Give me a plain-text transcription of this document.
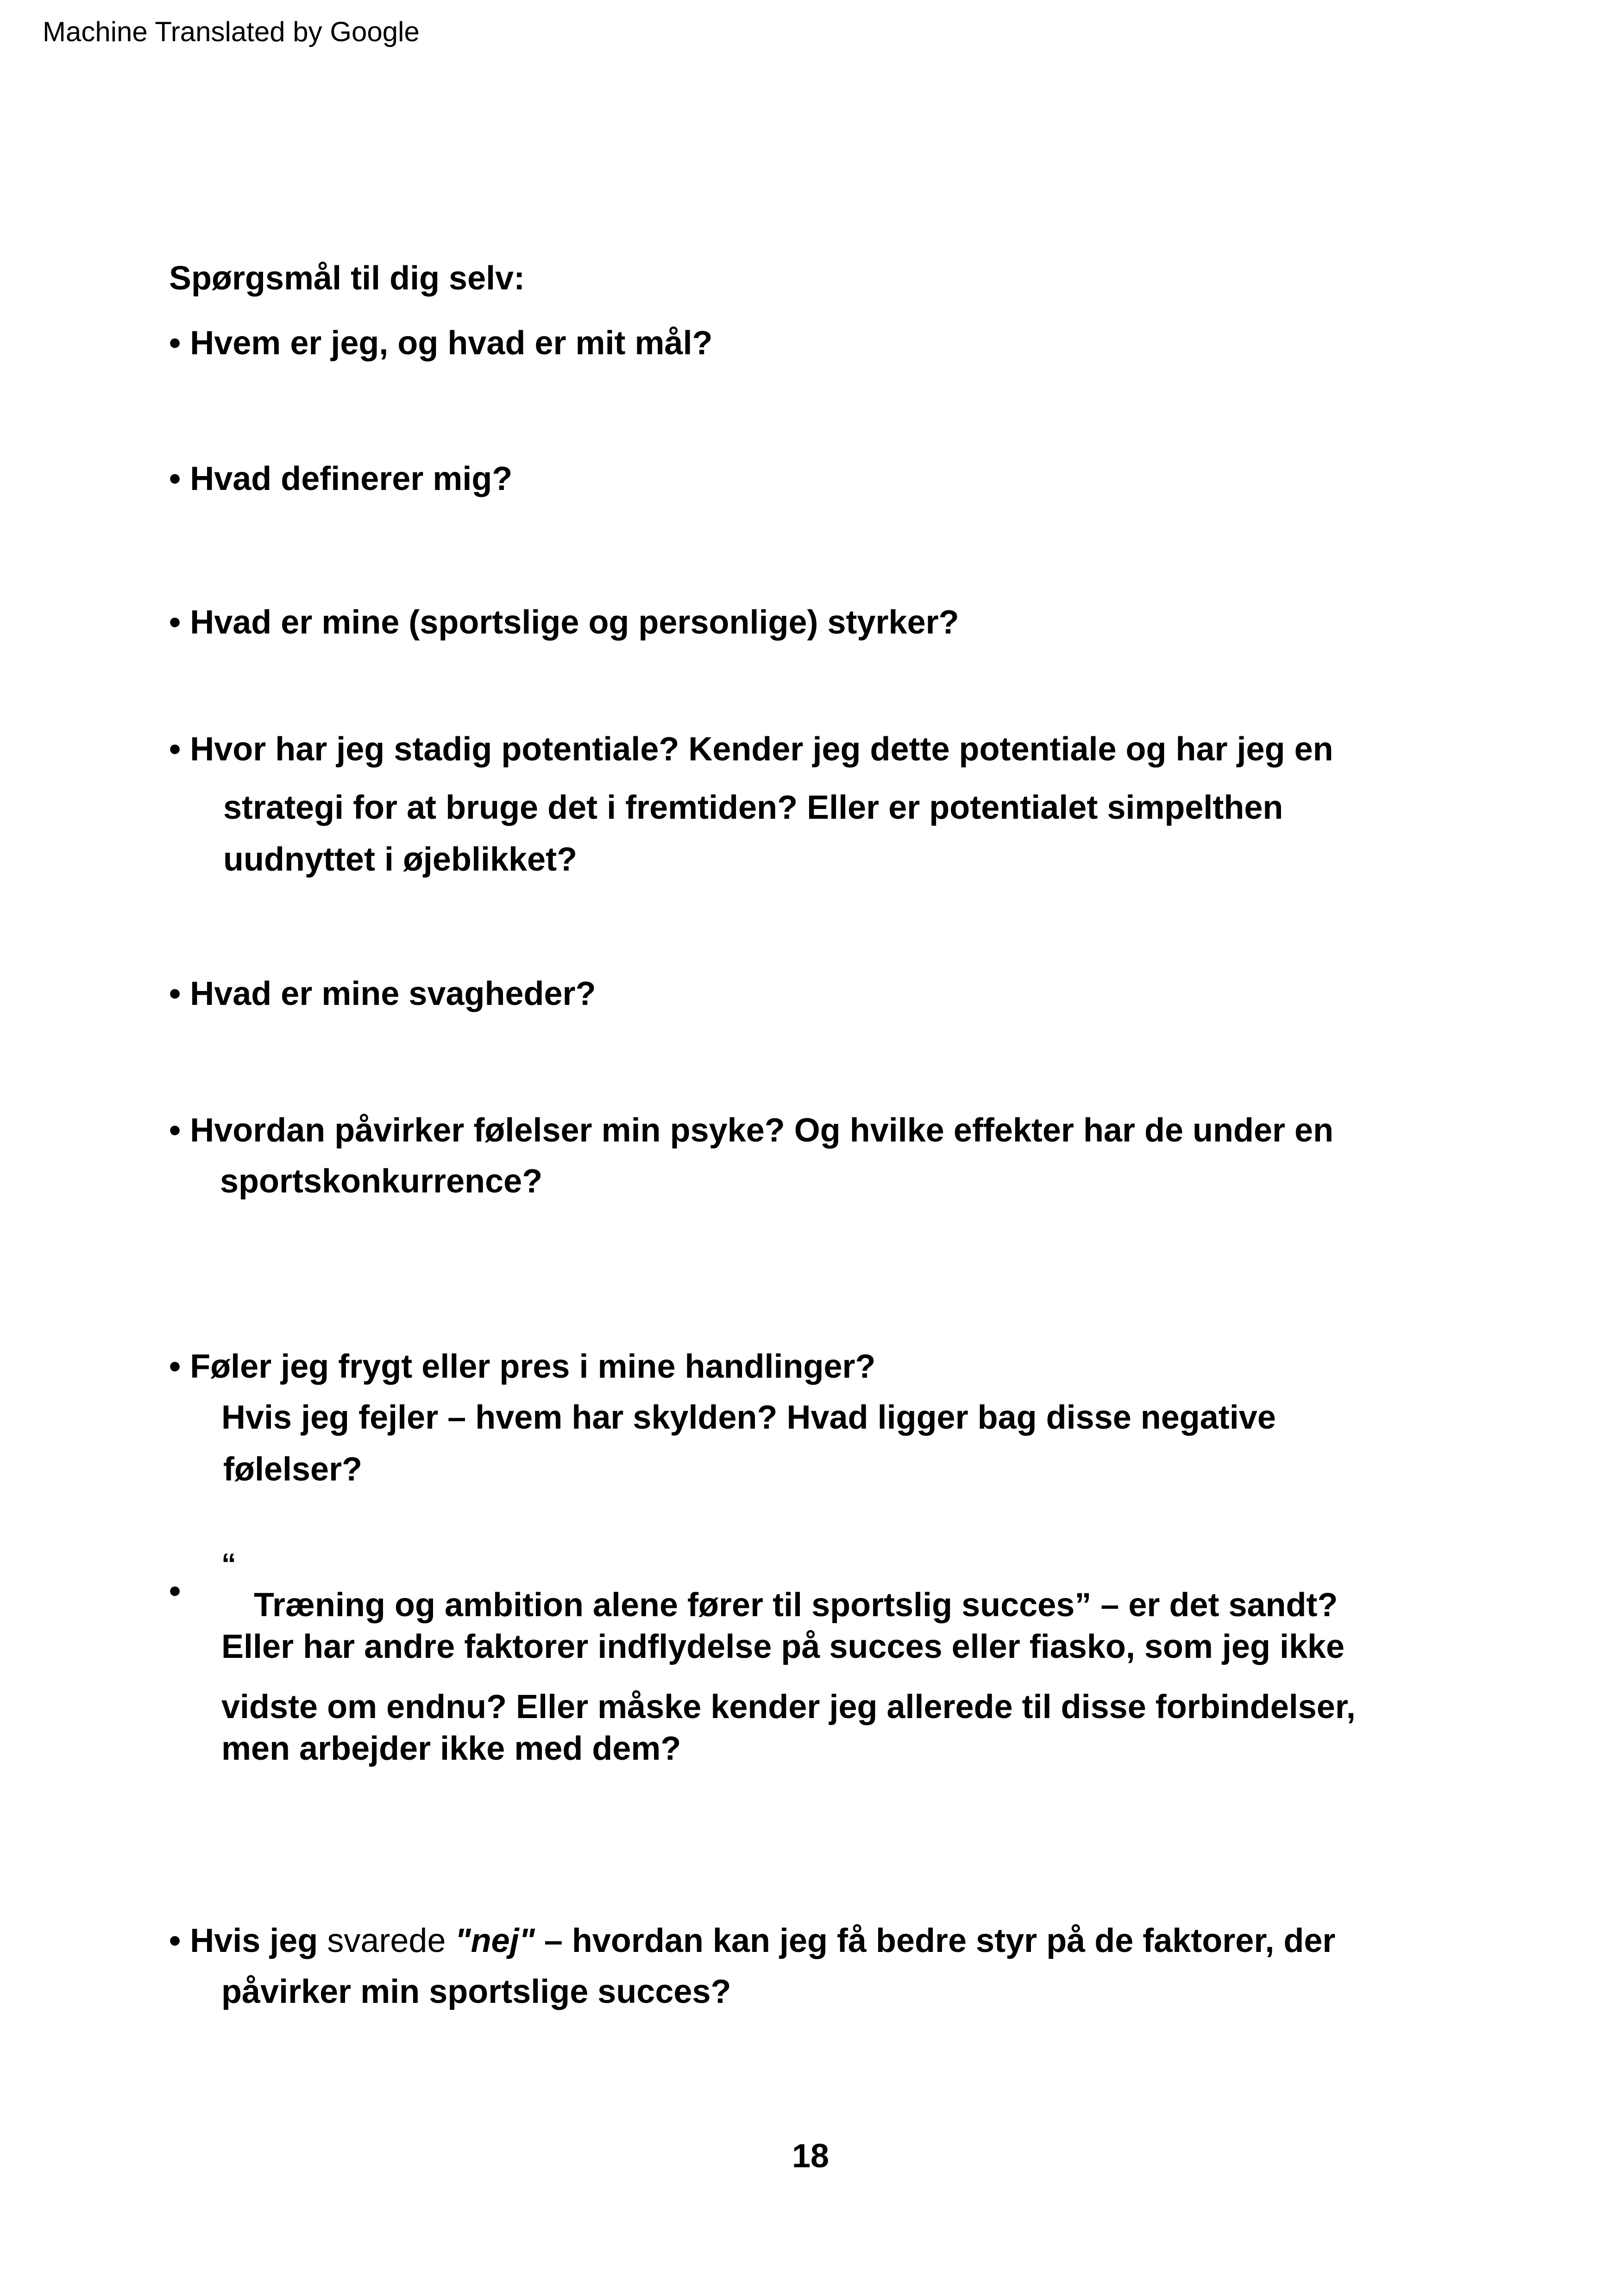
Machine Translated by Google
Spørgsmål til dig selv:
• Hvem er jeg, og hvad er mit mål?
• Hvad definerer mig?
• Hvad er mine (sportslige og personlige) styrker?
• Hvor har jeg stadig potentiale? Kender jeg dette potentiale og har jeg en
strategi for at bruge det i fremtiden? Eller er potentialet simpelthen
uudnyttet i øjeblikket?
• Hvad er mine svagheder?
• Hvordan påvirker følelser min psyke? Og hvilke effekter har de under en
sportskonkurrence?
• Føler jeg frygt eller pres i mine handlinger?
Hvis jeg fejler – hvem har skylden? Hvad ligger bag disse negative
følelser?
•
“
Træning og ambition alene fører til sportslig succes” – er det sandt?
Eller har andre faktorer indflydelse på succes eller fiasko, som jeg ikke
vidste om endnu? Eller måske kender jeg allerede til disse forbindelser,
men arbejder ikke med dem?
• Hvis jeg svarede "nej" – hvordan kan jeg få bedre styr på de faktorer, der
påvirker min sportslige succes?
18
